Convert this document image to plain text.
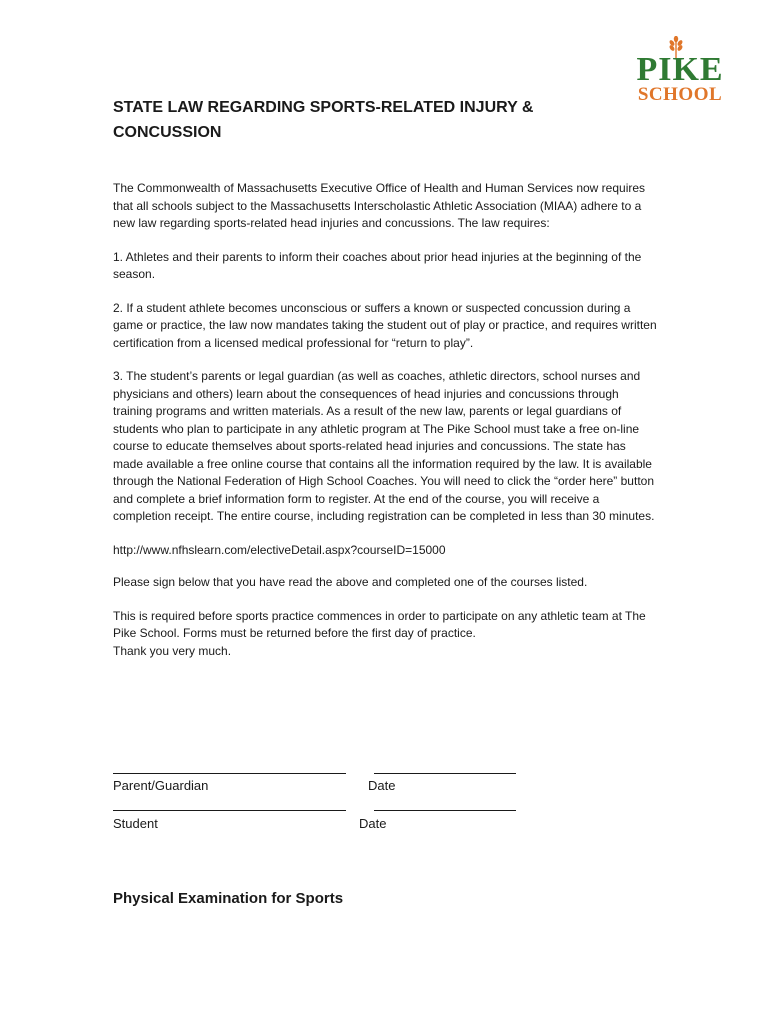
PIKE
SCHOOL
STATE LAW REGARDING SPORTS-RELATED INJURY & CONCUSSION

The Commonwealth of Massachusetts Executive Office of Health and Human Services now requires that all schools subject to the Massachusetts Interscholastic Athletic Association (MIAA) adhere to a new law regarding sports-related head injuries and concussions. The law requires:

1. Athletes and their parents to inform their coaches about prior head injuries at the beginning of the season.

2. If a student athlete becomes unconscious or suffers a known or suspected concussion during a game or practice, the law now mandates taking the student out of play or practice, and requires written certification from a licensed medical professional for “return to play”.

3. The student’s parents or legal guardian (as well as coaches, athletic directors, school nurses and physicians and others) learn about the consequences of head injuries and concussions through training programs and written materials. As a result of the new law, parents or legal guardians of students who plan to participate in any athletic program at The Pike School must take a free on-line course to educate themselves about sports-related head injuries and concussions. The state has made available a free online course that contains all the information required by the law. It is available through the National Federation of High School Coaches. You will need to click the “order here” button and complete a brief information form to register. At the end of the course, you will receive a completion receipt. The entire course, including registration can be completed in less than 30 minutes.

http://www.nfhslearn.com/electiveDetail.aspx?courseID=15000

Please sign below that you have read the above and completed one of the courses listed.

This is required before sports practice commences in order to participate on any athletic team at The Pike School. Forms must be returned before the first day of practice.

Thank you very much.

Parent/Guardian	Date
Student	Date
Physical Examination for Sports
